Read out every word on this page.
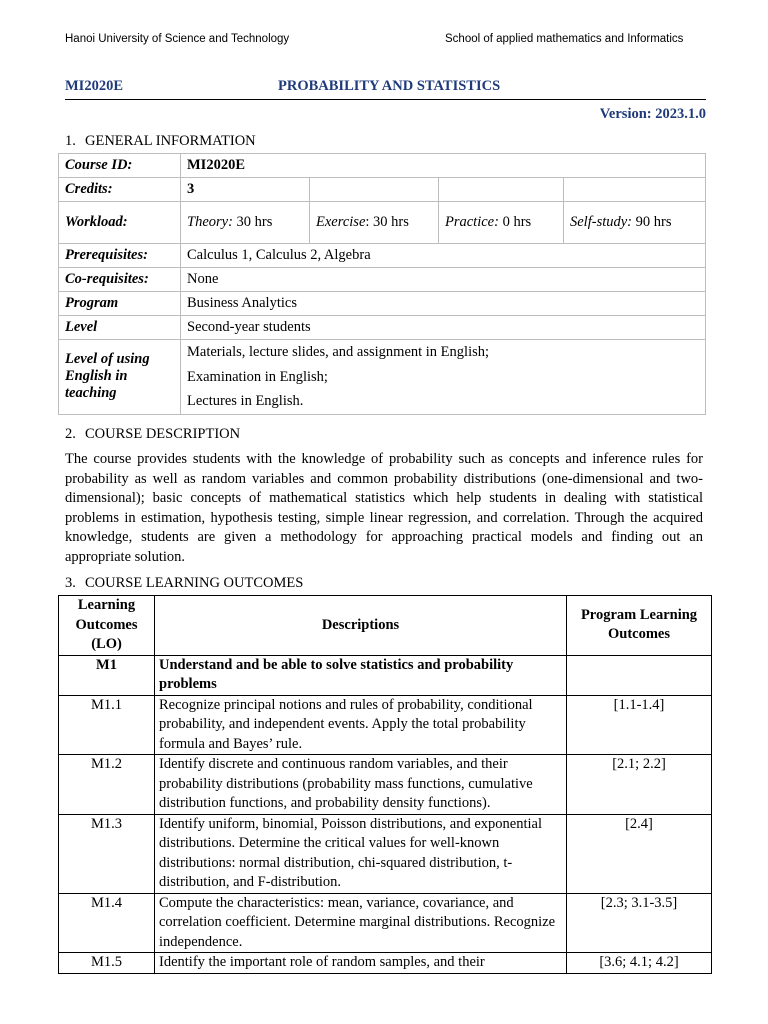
Hanoi University of Science and Technology	School of applied mathematics and Informatics
MI2020E	PROBABILITY AND STATISTICS
Version: 2023.1.0
1. GENERAL INFORMATION
Course ID:	MI2020E			
Credits:	3			
Workload:	Theory: 30 hrs	Exercise: 30 hrs	Practice: 0 hrs	Self-study: 90 hrs
Prerequisites:	Calculus 1, Calculus 2, Algebra			
Co-requisites:	None			
Program	Business Analytics			
Level	Second-year students			
Level of using English in teaching	Materials, lecture slides, and assignment in English;
Examination in English;
Lectures in English.			
2. COURSE DESCRIPTION
The course provides students with the knowledge of probability such as concepts and inference rules for probability as well as random variables and common probability distributions (one-dimensional and two-dimensional); basic concepts of mathematical statistics which help students in dealing with statistical problems in estimation, hypothesis testing, simple linear regression, and correlation. Through the acquired knowledge, students are given a methodology for approaching practical models and finding out an appropriate solution.
3. COURSE LEARNING OUTCOMES
Learning Outcomes (LO)	Descriptions	Program Learning Outcomes
M1	Understand and be able to solve statistics and probability problems	
M1.1	Recognize principal notions and rules of probability, conditional probability, and independent events. Apply the total probability formula and Bayes’ rule.	[1.1-1.4]
M1.2	Identify discrete and continuous random variables, and their probability distributions (probability mass functions, cumulative distribution functions, and probability density functions).	[2.1; 2.2]
M1.3	Identify uniform, binomial, Poisson distributions, and exponential distributions. Determine the critical values for well-known distributions: normal distribution, chi-squared distribution, t-distribution, and F-distribution.	[2.4]
M1.4	Compute the characteristics: mean, variance, covariance, and correlation coefficient. Determine marginal distributions. Recognize independence.	[2.3; 3.1-3.5]
M1.5	Identify the important role of random samples, and their	[3.6; 4.1; 4.2]
